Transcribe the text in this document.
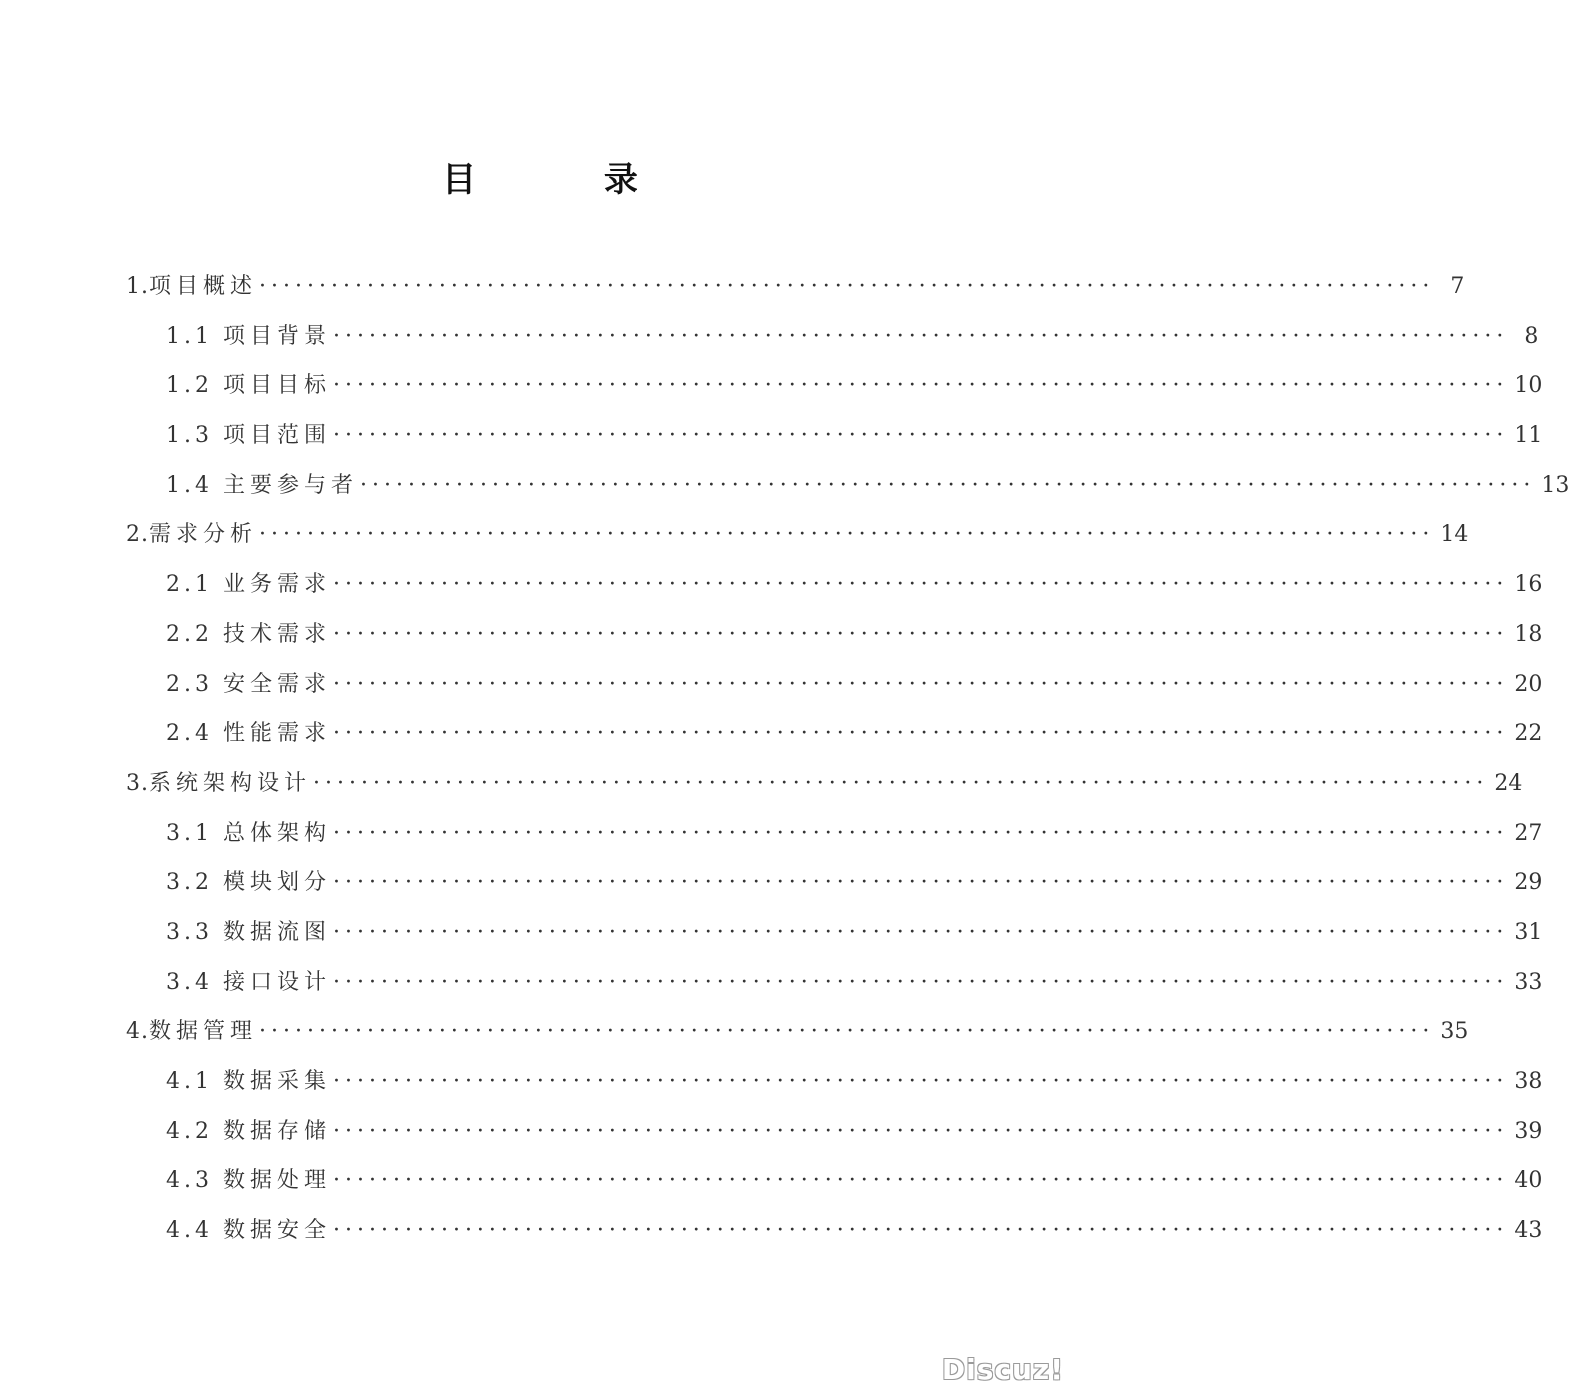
目 录
1. 项目概述 ·································································································· 7
1.1 项目背景 ·································································································· 8
1.2 项目目标 ·································································································· 10
1.3 项目范围 ·································································································· 11
1.4 主要参与者 ·································································································· 13
2. 需求分析 ·································································································· 14
2.1 业务需求 ·································································································· 16
2.2 技术需求 ·································································································· 18
2.3 安全需求 ·································································································· 20
2.4 性能需求 ·································································································· 22
3. 系统架构设计 ·································································································· 24
3.1 总体架构 ·································································································· 27
3.2 模块划分 ·································································································· 29
3.3 数据流图 ·································································································· 31
3.4 接口设计 ·································································································· 33
4. 数据管理 ·································································································· 35
4.1 数据采集 ·································································································· 38
4.2 数据存储 ·································································································· 39
4.3 数据处理 ·································································································· 40
4.4 数据安全 ·································································································· 43
Discuz!
